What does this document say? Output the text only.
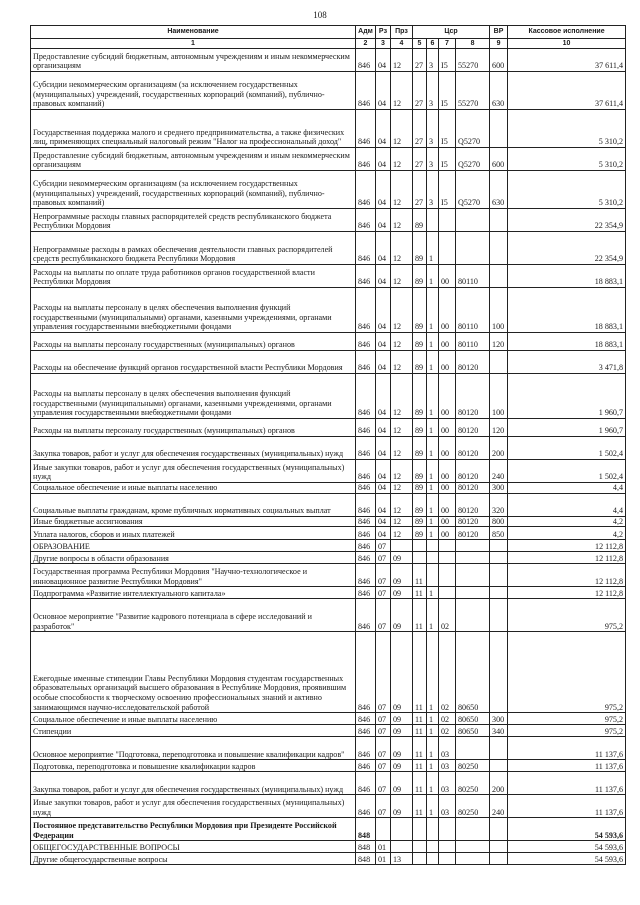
108
Наименование	Адм	Рз	Прз	Цср				ВР	Кассовое исполнение
1	2	3	4	5	6	7	8	9	10
Предоставление субсидий бюджетным, автономным учреждениям и иным некоммерческим организациям	846	04	12	27	3	I5	55270	600	37 611,4
Субсидии некоммерческим организациям (за исключением государственных (муниципальных) учреждений, государственных корпораций (компаний), публично-правовых компаний)	846	04	12	27	3	I5	55270	630	37 611,4
Государственная поддержка малого и среднего предпринимательства, а также физических лиц, применяющих специальный налоговый режим "Налог на профессиональный доход"	846	04	12	27	3	I5	Q5270		5 310,2
Предоставление субсидий бюджетным, автономным учреждениям и иным некоммерческим организациям	846	04	12	27	3	I5	Q5270	600	5 310,2
Субсидии некоммерческим организациям (за исключением государственных (муниципальных) учреждений, государственных корпораций (компаний), публично-правовых компаний)	846	04	12	27	3	I5	Q5270	630	5 310,2
Непрограммные расходы главных распорядителей средств республиканского бюджета Республики Мордовия	846	04	12	89					22 354,9
Непрограммные расходы в рамках обеспечения деятельности главных распорядителей средств республиканского бюджета Республики Мордовия	846	04	12	89	1				22 354,9
Расходы на выплаты по оплате труда работников органов государственной власти Республики Мордовия	846	04	12	89	1	00	80110		18 883,1
Расходы на выплаты персоналу в целях обеспечения выполнения функций государственными (муниципальными) органами, казенными учреждениями, органами управления государственными внебюджетными фондами	846	04	12	89	1	00	80110	100	18 883,1
Расходы на выплаты персоналу государственных (муниципальных) органов	846	04	12	89	1	00	80110	120	18 883,1
Расходы на обеспечение функций органов государственной власти Республики Мордовия	846	04	12	89	1	00	80120		3 471,8
Расходы на выплаты персоналу в целях обеспечения выполнения функций государственными (муниципальными) органами, казенными учреждениями, органами управления государственными внебюджетными фондами	846	04	12	89	1	00	80120	100	1 960,7
Расходы на выплаты персоналу государственных (муниципальных) органов	846	04	12	89	1	00	80120	120	1 960,7
Закупка товаров, работ и услуг для обеспечения государственных (муниципальных) нужд	846	04	12	89	1	00	80120	200	1 502,4
Иные закупки товаров, работ и услуг для обеспечения государственных (муниципальных) нужд	846	04	12	89	1	00	80120	240	1 502,4
Социальное обеспечение и иные выплаты населению	846	04	12	89	1	00	80120	300	4,4
Социальные выплаты гражданам, кроме публичных нормативных социальных выплат	846	04	12	89	1	00	80120	320	4,4
Иные бюджетные ассигнования	846	04	12	89	1	00	80120	800	4,2
Уплата налогов, сборов и иных платежей	846	04	12	89	1	00	80120	850	4,2
ОБРАЗОВАНИЕ	846	07							12 112,8
Другие вопросы в области образования	846	07	09						12 112,8
Государственная программа Республики Мордовия "Научно-технологическое и инновационное развитие Республики Мордовия"	846	07	09	11					12 112,8
Подпрограмма «Развитие интеллектуального капитала»	846	07	09	11	1				12 112,8
Основное мероприятие "Развитие кадрового потенциала в сфере исследований и разработок"	846	07	09	11	1	02			975,2
Ежегодные именные стипендии Главы Республики Мордовия студентам государственных образовательных организаций высшего образования в Республике Мордовия, проявившим особые способности к творческому освоению профессиональных знаний и активно занимающимся научно-исследовательской работой	846	07	09	11	1	02	80650		975,2
Социальное обеспечение и иные выплаты населению	846	07	09	11	1	02	80650	300	975,2
Стипендии	846	07	09	11	1	02	80650	340	975,2
Основное мероприятие "Подготовка, переподготовка и повышение квалификации кадров"	846	07	09	11	1	03			11 137,6
Подготовка, переподготовка и повышение квалификации кадров	846	07	09	11	1	03	80250		11 137,6
Закупка товаров, работ и услуг для обеспечения государственных (муниципальных) нужд	846	07	09	11	1	03	80250	200	11 137,6
Иные закупки товаров, работ и услуг для обеспечения государственных (муниципальных) нужд	846	07	09	11	1	03	80250	240	11 137,6
Постоянное представительство Республики Мордовия при Президенте Российской Федерации	848								54 593,6
ОБЩЕГОСУДАРСТВЕННЫЕ ВОПРОСЫ	848	01							54 593,6
Другие общегосударственные вопросы	848	01	13						54 593,6
